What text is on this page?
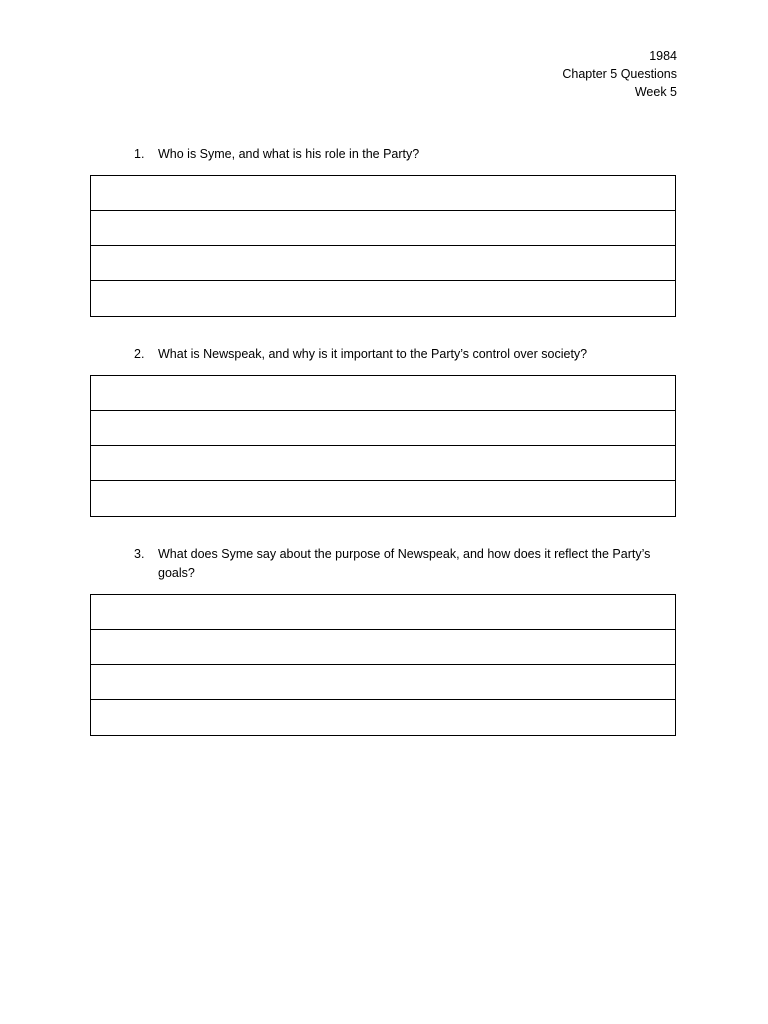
1984
Chapter 5 Questions
Week 5
1. Who is Syme, and what is his role in the Party?
2. What is Newspeak, and why is it important to the Party’s control over society?
3. What does Syme say about the purpose of Newspeak, and how does it reflect the Party’s goals?
